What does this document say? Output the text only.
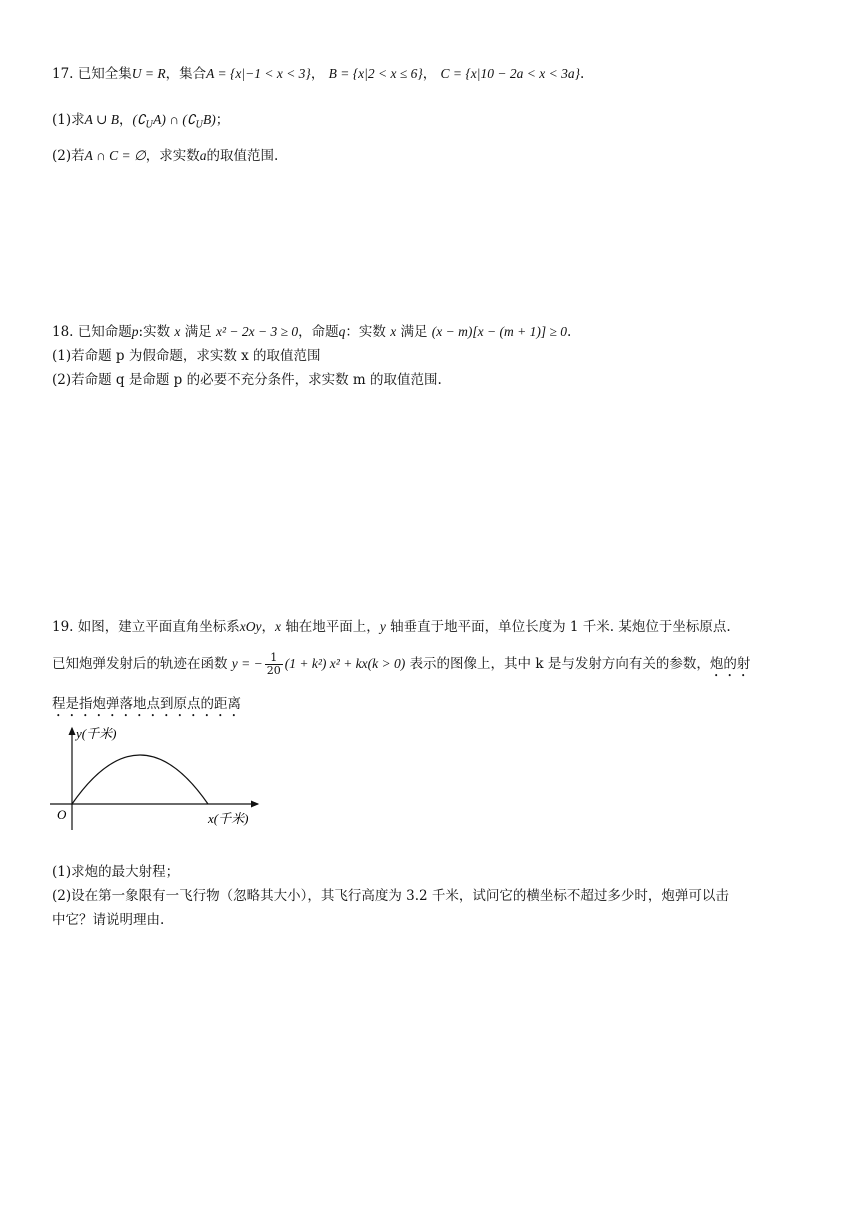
17. 已知全集U = R，集合A = {x|−1 < x < 3}， B = {x|2 < x ≤ 6}， C = {x|10 − 2a < x < 3a}.
(1)求A ∪ B，$(∁_UA)$ ∩ $(∁_UB)$；
(2)若A ∩ C = ∅，求实数a的取值范围.
18. 已知命题p:实数 x 满足 x² − 2x − 3 ≥ 0，命题q：实数 x 满足 (x − m)[x − (m + 1)] ≥ 0.
(1)若命题 p 为假命题，求实数 x 的取值范围
(2)若命题 q 是命题 p 的必要不充分条件，求实数 m 的取值范围.
19. 如图，建立平面直角坐标系xOy，x 轴在地平面上，y 轴垂直于地平面，单位长度为 1 千米. 某炮位于坐标原点.
已知炮弹发射后的轨迹在函数 y = − $\frac{1}{20} (1 + k^2) x^2 + kx(k > 0)$ 表示的图像上，其中 k 是与发射方向有关的参数，炮的射
程是指炮弹落地点到原点的距离
y(千米)
x(千米)
O
(1)求炮的最大射程；
(2)设在第一象限有一飞行物（忽略其大小），其飞行高度为 3.2 千米，试问它的横坐标不超过多少时，炮弹可以击
中它？请说明理由.
